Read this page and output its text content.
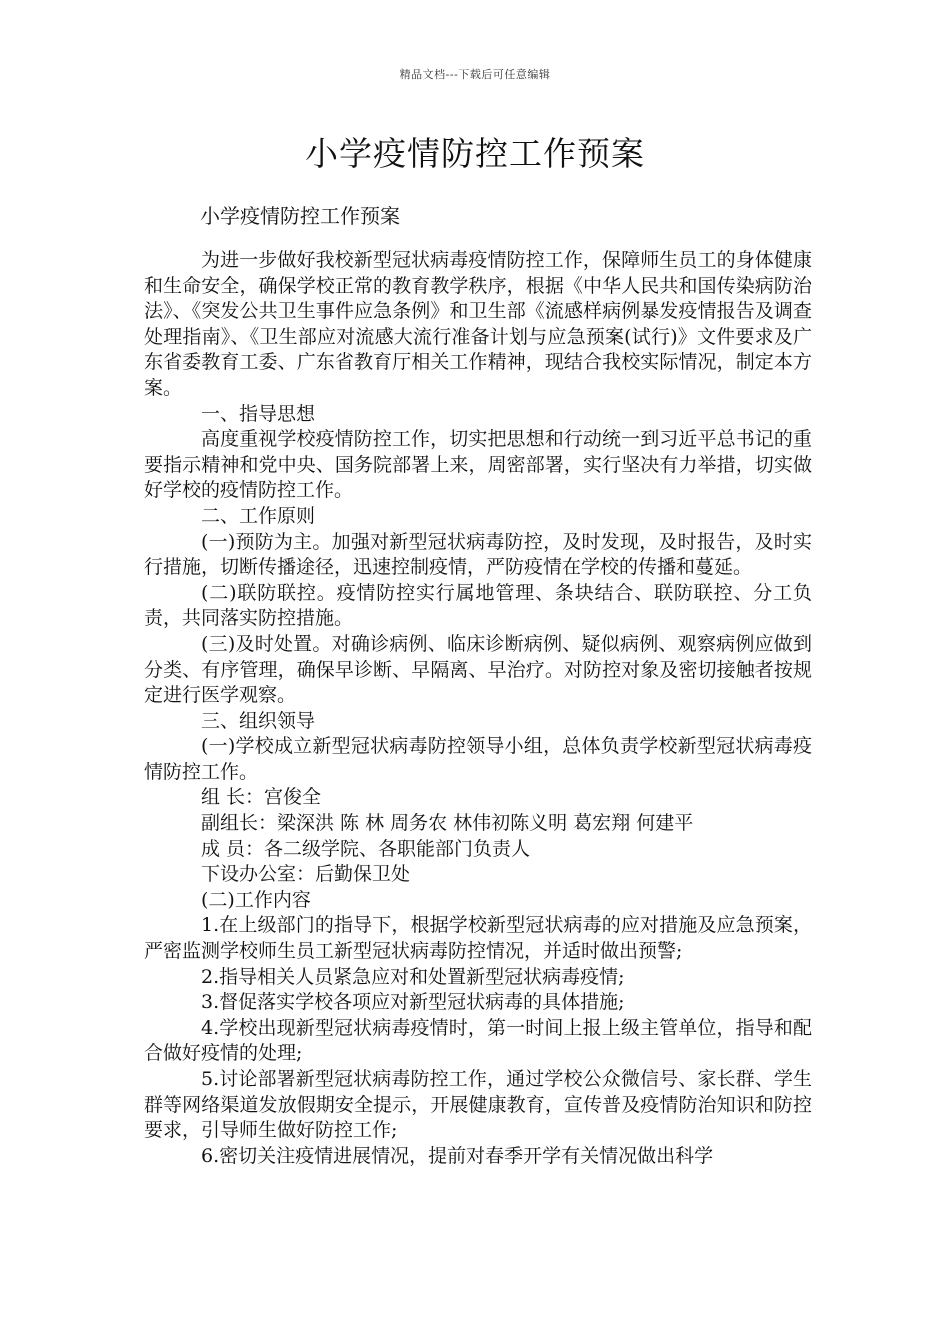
精品文档---下载后可任意编辑
小学疫情防控工作预案
小学疫情防控工作预案

为进一步做好我校新型冠状病毒疫情防控工作，保障师生员工的身体健康和生命安全，确保学校正常的教育教学秩序，根据《中华人民共和国传染病防治法》、《突发公共卫生事件应急条例》和卫生部《流感样病例暴发疫情报告及调查处理指南》、《卫生部应对流感大流行准备计划与应急预案(试行)》文件要求及广东省委教育工委、广东省教育厅相关工作精神，现结合我校实际情况，制定本方案。

一、指导思想

高度重视学校疫情防控工作，切实把思想和行动统一到习近平总书记的重要指示精神和党中央、国务院部署上来，周密部署，实行坚决有力举措，切实做好学校的疫情防控工作。

二、工作原则

(一)预防为主。加强对新型冠状病毒防控，及时发现，及时报告，及时实行措施，切断传播途径，迅速控制疫情，严防疫情在学校的传播和蔓延。

(二)联防联控。疫情防控实行属地管理、条块结合、联防联控、分工负责，共同落实防控措施。

(三)及时处置。对确诊病例、临床诊断病例、疑似病例、观察病例应做到分类、有序管理，确保早诊断、早隔离、早治疗。对防控对象及密切接触者按规定进行医学观察。

三、组织领导

(一)学校成立新型冠状病毒防控领导小组，总体负责学校新型冠状病毒疫情防控工作。

组 长：宫俊全

副组长：梁深洪 陈 林 周务农 林伟初陈义明 葛宏翔 何建平

成 员：各二级学院、各职能部门负责人

下设办公室：后勤保卫处

(二)工作内容

1.在上级部门的指导下，根据学校新型冠状病毒的应对措施及应急预案，严密监测学校师生员工新型冠状病毒防控情况，并适时做出预警;

2.指导相关人员紧急应对和处置新型冠状病毒疫情;

3.督促落实学校各项应对新型冠状病毒的具体措施;

4.学校出现新型冠状病毒疫情时，第一时间上报上级主管单位，指导和配合做好疫情的处理;

5.讨论部署新型冠状病毒防控工作，通过学校公众微信号、家长群、学生群等网络渠道发放假期安全提示，开展健康教育，宣传普及疫情防治知识和防控要求，引导师生做好防控工作;

6.密切关注疫情进展情况，提前对春季开学有关情况做出科学
